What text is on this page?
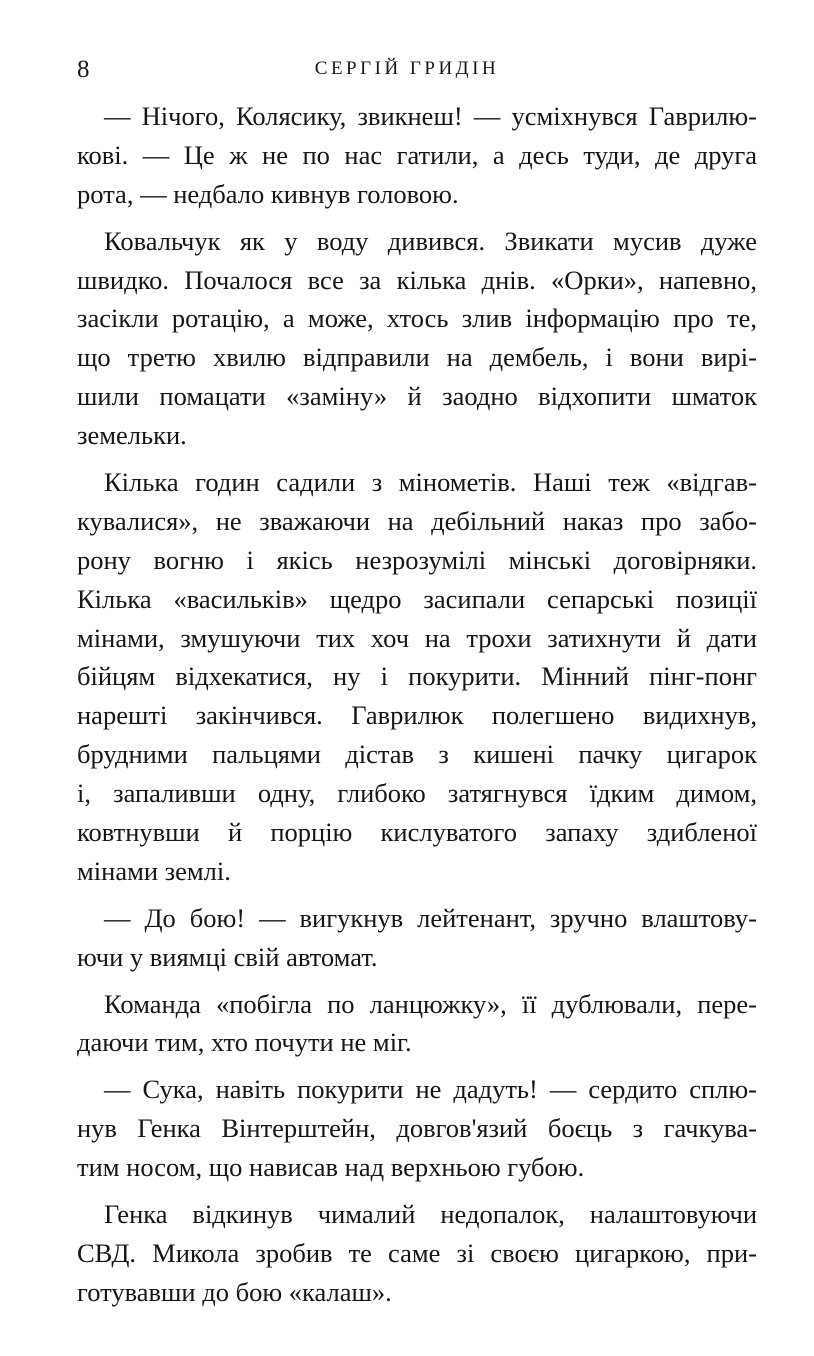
8	СЕРГІЙ ГРИДІН
— Нічого, Колясику, звикнеш! — усміхнувся Гаврилю-
кові. — Це ж не по нас гатили, а десь туди, де друга
рота, — недбало кивнув головою.
Ковальчук як у воду дивився. Звикати мусив дуже
швидко. Почалося все за кілька днів. «Орки», напевно,
засікли ротацію, а може, хтось злив інформацію про те,
що третю хвилю відправили на дембель, і вони вирі-
шили помацати «заміну» й заодно відхопити шматок
земельки.
Кілька годин садили з мінометів. Наші теж «відгав-
кувалися», не зважаючи на дебільний наказ про забо-
рону вогню і якісь незрозумілі мінські договірняки.
Кілька «васильків» щедро засипали сепарські позиції
мінами, змушуючи тих хоч на трохи затихнути й дати
бійцям відхекатися, ну і покурити. Мінний пінг-понг
нарешті закінчився. Гаврилюк полегшено видихнув,
брудними пальцями дістав з кишені пачку цигарок
і, запаливши одну, глибоко затягнувся їдким димом,
ковтнувши й порцію кислуватого запаху здибленої
мінами землі.
— До бою! — вигукнув лейтенант, зручно влаштову-
ючи у виямці свій автомат.
Команда «побігла по ланцюжку», її дублювали, пере-
даючи тим, хто почути не міг.
— Сука, навіть покурити не дадуть! — сердито сплю-
нув Генка Вінтерштейн, довгов'язий боєць з гачкува-
тим носом, що нависав над верхньою губою.
Генка відкинув чималий недопалок, налаштовуючи
СВД. Микола зробив те саме зі своєю цигаркою, при-
готувавши до бою «калаш».
